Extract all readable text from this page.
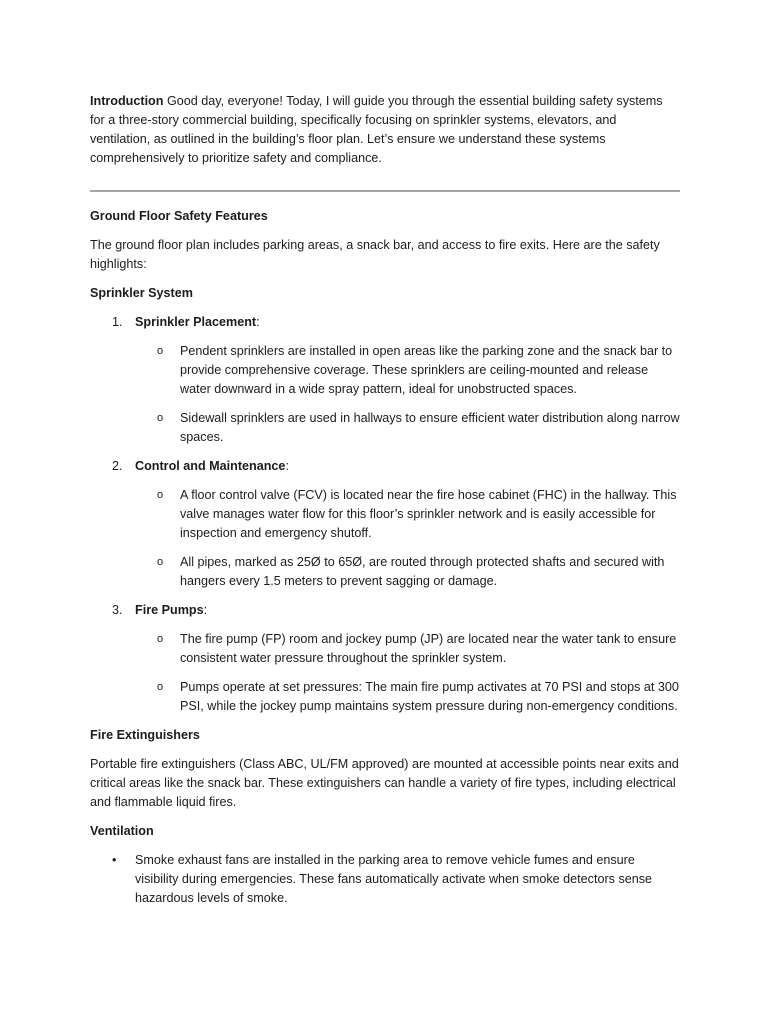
Introduction Good day, everyone! Today, I will guide you through the essential building safety systems for a three-story commercial building, specifically focusing on sprinkler systems, elevators, and ventilation, as outlined in the building’s floor plan. Let’s ensure we understand these systems comprehensively to prioritize safety and compliance.

Ground Floor Safety Features

The ground floor plan includes parking areas, a snack bar, and access to fire exits. Here are the safety highlights:

Sprinkler System

1. Sprinkler Placement:

o Pendent sprinklers are installed in open areas like the parking zone and the snack bar to provide comprehensive coverage. These sprinklers are ceiling-mounted and release water downward in a wide spray pattern, ideal for unobstructed spaces.
o Sidewall sprinklers are used in hallways to ensure efficient water distribution along narrow spaces.
2. Control and Maintenance:

o A floor control valve (FCV) is located near the fire hose cabinet (FHC) in the hallway. This valve manages water flow for this floor’s sprinkler network and is easily accessible for inspection and emergency shutoff.
o All pipes, marked as 25Ø to 65Ø, are routed through protected shafts and secured with hangers every 1.5 meters to prevent sagging or damage.
3. Fire Pumps:

o The fire pump (FP) room and jockey pump (JP) are located near the water tank to ensure consistent water pressure throughout the sprinkler system.
o Pumps operate at set pressures: The main fire pump activates at 70 PSI and stops at 300 PSI, while the jockey pump maintains system pressure during non-emergency conditions.

Fire Extinguishers

Portable fire extinguishers (Class ABC, UL/FM approved) are mounted at accessible points near exits and critical areas like the snack bar. These extinguishers can handle a variety of fire types, including electrical and flammable liquid fires.

Ventilation

• Smoke exhaust fans are installed in the parking area to remove vehicle fumes and ensure visibility during emergencies. These fans automatically activate when smoke detectors sense hazardous levels of smoke.
